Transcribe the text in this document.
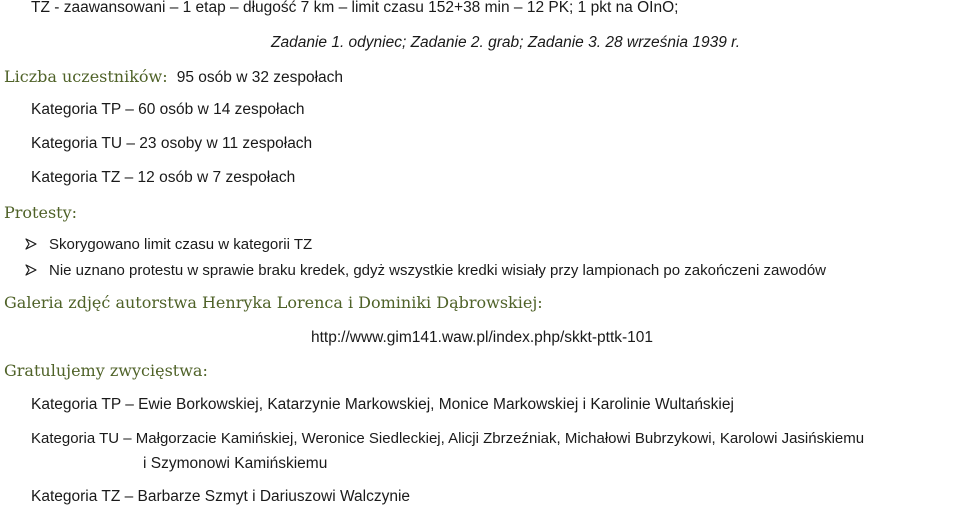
TZ - zaawansowani – 1 etap – długość 7 km – limit czasu 152+38 min – 12 PK; 1 pkt na OInO;
Zadanie 1. odyniec; Zadanie 2. grab; Zadanie 3. 28 września 1939 r.
Liczba uczestników: 95 osób w 32 zespołach
Kategoria TP – 60 osób w 14 zespołach
Kategoria TU – 23 osoby w 11 zespołach
Kategoria TZ – 12 osób w 7 zespołach
Protesty:
Skorygowano limit czasu w kategorii TZ
Nie uznano protestu w sprawie braku kredek, gdyż wszystkie kredki wisiały przy lampionach po zakończeni zawodów
Galeria zdjęć autorstwa Henryka Lorenca i Dominiki Dąbrowskiej:
http://www.gim141.waw.pl/index.php/skkt-pttk-101
Gratulujemy zwycięstwa:
Kategoria TP – Ewie Borkowskiej, Katarzynie Markowskiej, Monice Markowskiej i Karolinie Wultańskiej
Kategoria TU – Małgorzacie Kamińskiej, Weronice Siedleckiej, Alicji Zbrzeźniak, Michałowi Bubrzykowi, Karolowi Jasińskiemu
i Szymonowi Kamińskiemu
Kategoria TZ – Barbarze Szmyt i Dariuszowi Walczynie
